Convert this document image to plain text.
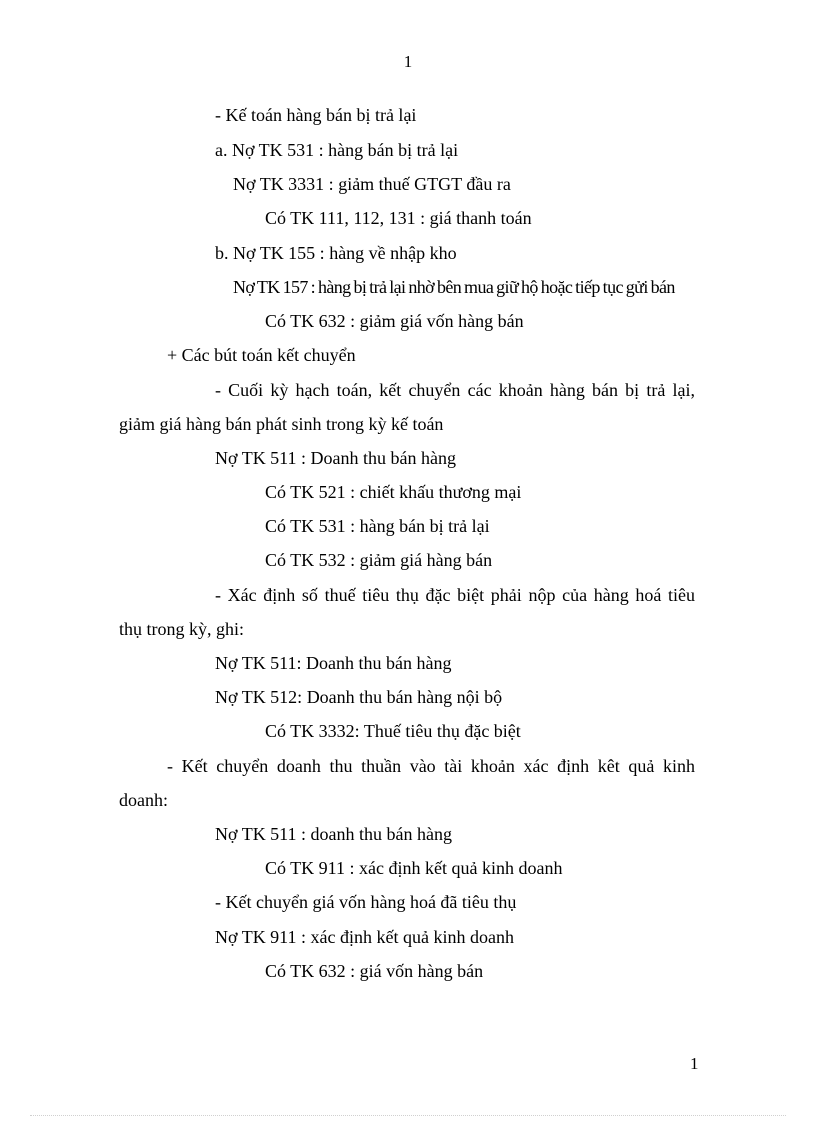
1
- Kế toán hàng bán bị trả lại
a. Nợ TK 531 : hàng bán bị trả lại
Nợ TK 3331 : giảm thuế GTGT đầu ra
Có TK 111, 112, 131 : giá thanh toán
b. Nợ TK 155 : hàng về nhập kho
Nợ TK 157 : hàng bị trả lại nhờ bên mua giữ hộ hoặc tiếp tục gửi bán
Có TK 632 : giảm giá vốn hàng bán
+ Các bút toán kết chuyển
- Cuối kỳ hạch toán, kết chuyển các khoản hàng bán bị trả lại,
giảm giá hàng bán phát sinh trong kỳ kế toán
Nợ TK 511 : Doanh thu bán hàng
Có TK 521 : chiết khấu thương mại
Có TK 531 : hàng bán bị trả lại
Có TK 532 : giảm giá hàng bán
- Xác định số thuế tiêu thụ đặc biệt phải nộp của hàng hoá tiêu
thụ trong kỳ, ghi:
Nợ TK 511: Doanh thu bán hàng
Nợ TK 512: Doanh thu bán hàng nội bộ
Có TK 3332: Thuế tiêu thụ đặc biệt
- Kết chuyển doanh thu thuần vào tài khoản xác định kêt quả kinh
doanh:
Nợ TK 511 : doanh thu bán hàng
Có TK 911 : xác định kết quả kinh doanh
- Kết chuyển giá vốn hàng hoá đã tiêu thụ
Nợ TK 911 : xác định kết quả kinh doanh
Có TK 632 : giá vốn hàng bán
1
